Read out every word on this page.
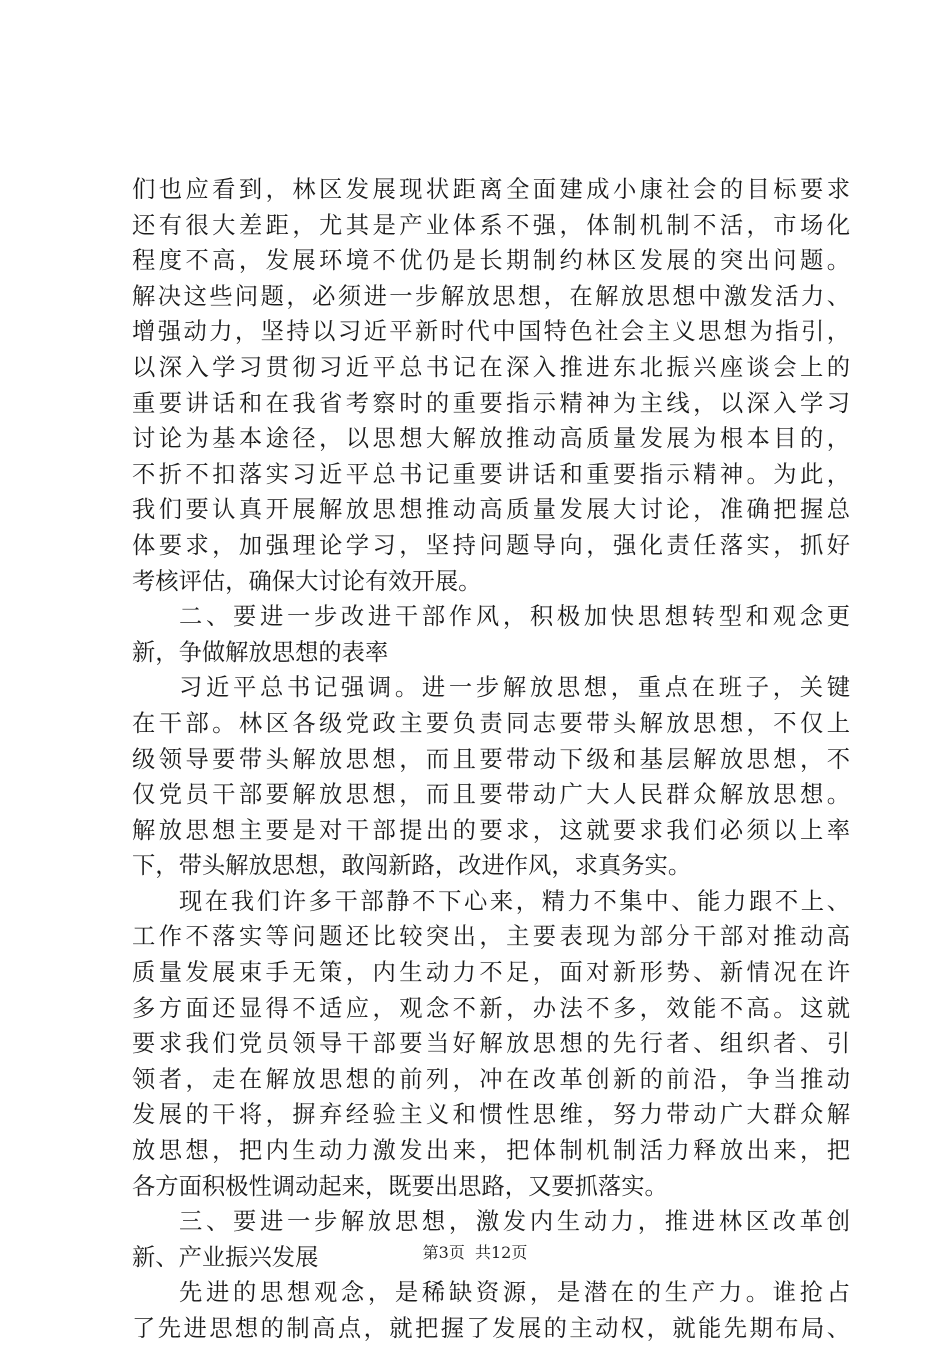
们也应看到，林区发展现状距离全面建成小康社会的目标要求
还有很大差距，尤其是产业体系不强，体制机制不活，市场化
程度不高，发展环境不优仍是长期制约林区发展的突出问题。
解决这些问题，必须进一步解放思想，在解放思想中激发活力、
增强动力，坚持以习近平新时代中国特色社会主义思想为指引，
以深入学习贯彻习近平总书记在深入推进东北振兴座谈会上的
重要讲话和在我省考察时的重要指示精神为主线，以深入学习
讨论为基本途径，以思想大解放推动高质量发展为根本目的，
不折不扣落实习近平总书记重要讲话和重要指示精神。为此，
我们要认真开展解放思想推动高质量发展大讨论，准确把握总
体要求，加强理论学习，坚持问题导向，强化责任落实，抓好
考核评估，确保大讨论有效开展。
二、要进一步改进干部作风，积极加快思想转型和观念更
新，争做解放思想的表率
习近平总书记强调。进一步解放思想，重点在班子，关键
在干部。林区各级党政主要负责同志要带头解放思想，不仅上
级领导要带头解放思想，而且要带动下级和基层解放思想，不
仅党员干部要解放思想，而且要带动广大人民群众解放思想。
解放思想主要是对干部提出的要求，这就要求我们必须以上率
下，带头解放思想，敢闯新路，改进作风，求真务实。
现在我们许多干部静不下心来，精力不集中、能力跟不上、
工作不落实等问题还比较突出，主要表现为部分干部对推动高
质量发展束手无策，内生动力不足，面对新形势、新情况在许
多方面还显得不适应，观念不新，办法不多，效能不高。这就
要求我们党员领导干部要当好解放思想的先行者、组织者、引
领者，走在解放思想的前列，冲在改革创新的前沿，争当推动
发展的干将，摒弃经验主义和惯性思维，努力带动广大群众解
放思想，把内生动力激发出来，把体制机制活力释放出来，把
各方面积极性调动起来，既要出思路，又要抓落实。
三、要进一步解放思想，激发内生动力，推进林区改革创
新、产业振兴发展
先进的思想观念，是稀缺资源，是潜在的生产力。谁抢占
了先进思想的制高点，就把握了发展的主动权，就能先期布局、
第3页  共12页
